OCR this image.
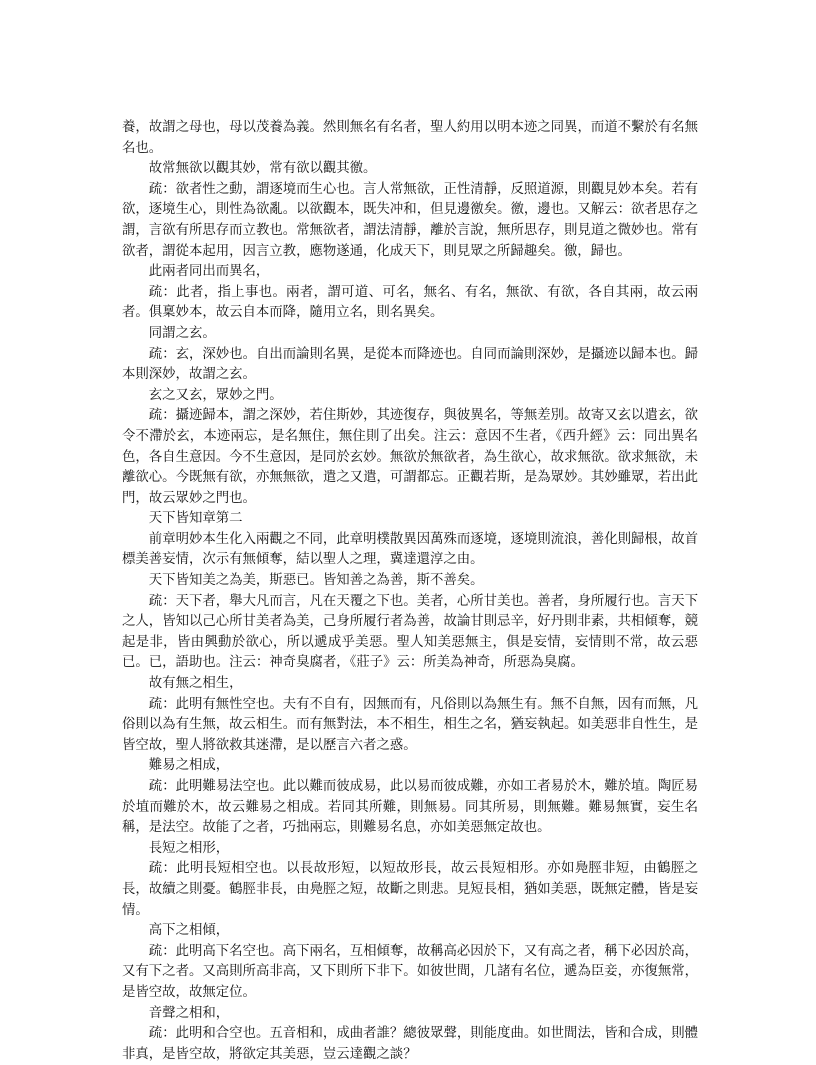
養，故謂之母也，母以茂養為義。然則無名有名者，聖人約用以明本迹之同異，而道不繫於有名無名也。

故常無欲以觀其妙，常有欲以觀其徼。

疏：欲者性之動，謂逐境而生心也。言人常無欲，正性清靜，反照道源，則觀見妙本矣。若有欲，逐境生心，則性為欲亂。以欲觀本，既失冲和，但見邊徼矣。徼，邊也。又解云：欲者思存之謂，言欲有所思存而立教也。常無欲者，謂法清靜，離於言說，無所思存，則見道之微妙也。常有欲者，謂從本起用，因言立教，應物遂通，化成天下，則見眾之所歸趣矣。徼，歸也。

此兩者同出而異名，

疏：此者，指上事也。兩者，謂可道、可名，無名、有名，無欲、有欲，各自其兩，故云兩者。俱稟妙本，故云自本而降，隨用立名，則名異矣。

同謂之玄。

疏：玄，深妙也。自出而論則名異，是從本而降迹也。自同而論則深妙，是攝迹以歸本也。歸本則深妙，故謂之玄。

玄之又玄，眾妙之門。

疏：攝迹歸本，謂之深妙，若住斯妙，其迹復存，與彼異名，等無差別。故寄又玄以遣玄，欲令不滯於玄，本迹兩忘，是名無住，無住則了出矣。注云：意因不生者，《西升經》云：同出異名色，各自生意因。今不生意因，是同於玄妙。無欲於無欲者，為生欲心，故求無欲。欲求無欲，未離欲心。今既無有欲，亦無無欲，遣之又遣，可謂都忘。正觀若斯，是為眾妙。其妙雖眾，若出此門，故云眾妙之門也。

天下皆知章第二

前章明妙本生化入兩觀之不同，此章明樸散異因萬殊而逐境，逐境則流浪，善化則歸根，故首標美善妄情，次示有無傾奪，結以聖人之理，冀達還淳之由。

天下皆知美之為美，斯惡已。皆知善之為善，斯不善矣。

疏：天下者，舉大凡而言，凡在天覆之下也。美者，心所甘美也。善者，身所履行也。言天下之人，皆知以己心所甘美者為美，己身所履行者為善，故論甘則忌辛，好丹則非素，共相傾奪，競起是非，皆由興動於欲心，所以遞成乎美惡。聖人知美惡無主，俱是妄情，妄情則不常，故云惡已。已，語助也。注云：神奇臭腐者，《莊子》云：所美為神奇，所惡為臭腐。

故有無之相生，

疏：此明有無性空也。夫有不自有，因無而有，凡俗則以為無生有。無不自無，因有而無，凡俗則以為有生無，故云相生。而有無對法，本不相生，相生之名，猶妄執起。如美惡非自性生，是皆空故，聖人將欲救其迷滯，是以歷言六者之惑。

難易之相成，

疏：此明難易法空也。此以難而彼成易，此以易而彼成難，亦如工者易於木，難於埴。陶匠易於埴而難於木，故云難易之相成。若同其所難，則無易。同其所易，則無難。難易無實，妄生名稱，是法空。故能了之者，巧拙兩忘，則難易名息，亦如美惡無定故也。

長短之相形，

疏：此明長短相空也。以長故形短，以短故形長，故云長短相形。亦如鳧脛非短，由鶴脛之長，故續之則憂。鶴脛非長，由鳧脛之短，故斷之則悲。見短長相，猶如美惡，既無定體，皆是妄情。

高下之相傾，

疏：此明高下名空也。高下兩名，互相傾奪，故稱高必因於下，又有高之者，稱下必因於高，又有下之者。又高則所高非高，又下則所下非下。如彼世間，几諸有名位，遞為臣妾，亦復無常，是皆空故，故無定位。

音聲之相和，

疏：此明和合空也。五音相和，成曲者誰？總彼眾聲，則能度曲。如世間法，皆和合成，則體非真，是皆空故，將欲定其美惡，豈云達觀之談？
